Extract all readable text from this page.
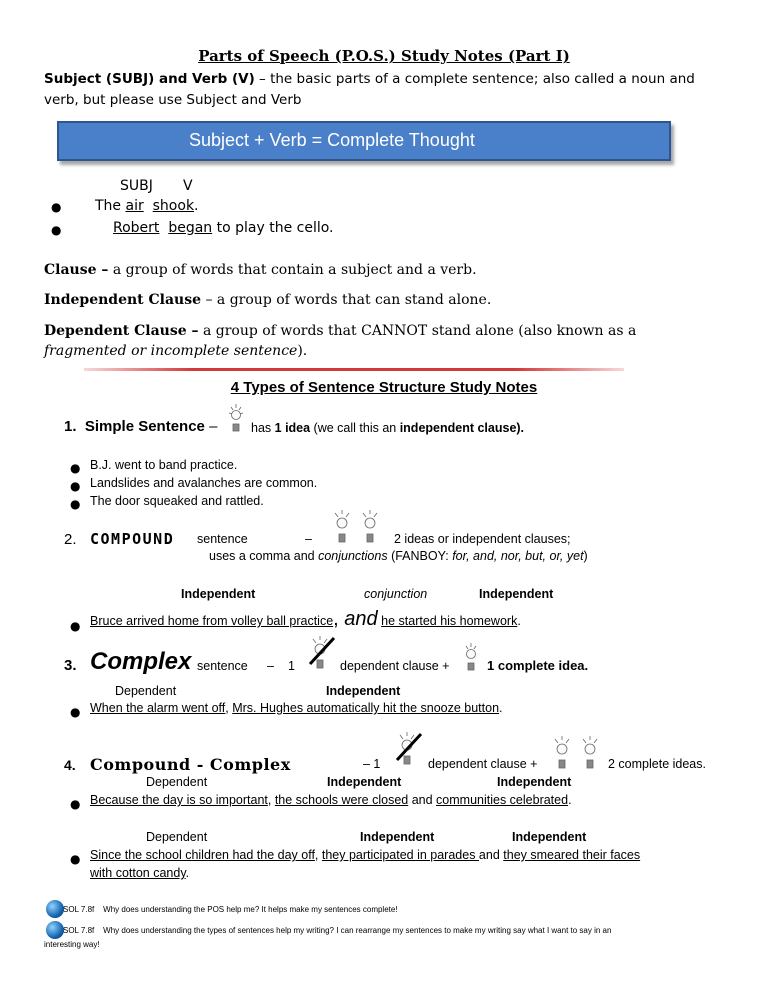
Parts of Speech (P.O.S.) Study Notes (Part I)
Subject (SUBJ) and Verb (V) – the basic parts of a complete sentence; also called a noun and
verb, but please use Subject and Verb
Subject + Verb = Complete Thought
SUBJ V
● The air shook.
●	Robert began to play the cello.
Clause – a group of words that contain a subject and a verb.
Independent Clause – a group of words that can stand alone.
Dependent Clause – a group of words that CANNOT stand alone (also known as a
fragmented or incomplete sentence).
4 Types of Sentence Structure Study Notes
1. Simple Sentence –	has 1 idea (we call this an independent clause).
● B.J. went to band practice.
● Landslides and avalanches are common.
● The door squeaked and rattled.
2. COMPOUND sentence	–	2 ideas or independent clauses;
uses a comma and conjunctions (FANBOY: for, and, nor, but, or, yet)
Independent	conjunction	Independent
● Bruce arrived home from volley ball practice, and he started his homework.
3. Complex sentence – 1	dependent clause +	1 complete idea.
Dependent	Independent
● When the alarm went off, Mrs. Hughes automatically hit the snooze button.
4. Compound - Complex	– 1	dependent clause +	2 complete ideas.
Dependent	Independent	Independent
● Because the day is so important, the schools were closed and communities celebrated.
Dependent	Independent	Independent
● Since the school children had the day off, they participated in parades and they smeared their faces
with cotton candy.
SOL 7.8f Why does understanding the POS help me? It helps make my sentences complete!
SOL 7.8f Why does understanding the types of sentences help my writing? I can rearrange my sentences to make my writing say what I want to say in an
interesting way!
